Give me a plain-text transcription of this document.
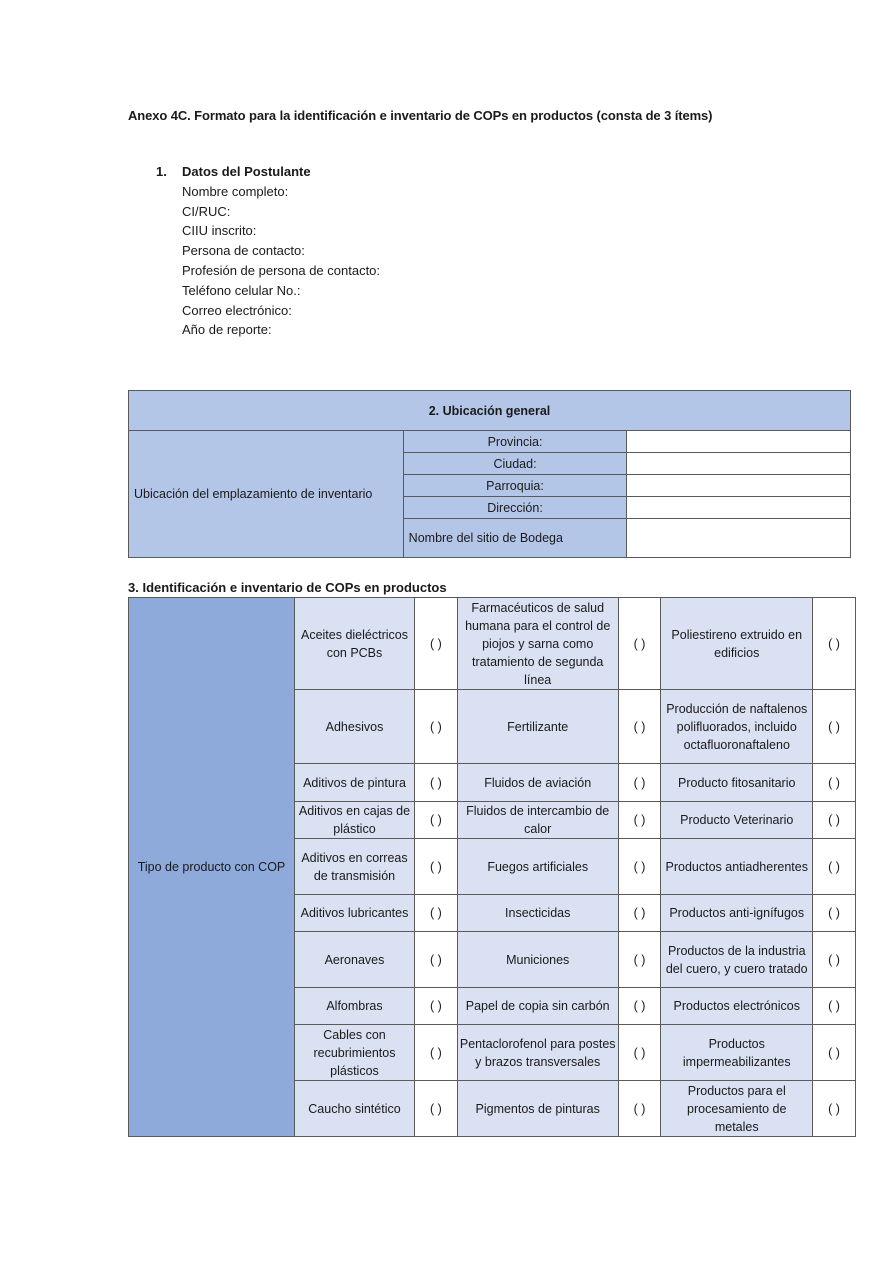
Anexo 4C. Formato para la identificación e inventario de COPs en productos (consta de 3 ítems)
1. Datos del Postulante
Nombre completo:
CI/RUC:
CIIU inscrito:
Persona de contacto:
Profesión de persona de contacto:
Teléfono celular No.:
Correo electrónico:
Año de reporte:
2. Ubicación general		
Ubicación del emplazamiento de inventario	Provincia:	
	Ciudad:	
	Parroquia:	
	Dirección:	
	Nombre del sitio de Bodega	
3. Identificación e inventario de COPs en productos
Tipo de producto con COP	Aceites dieléctricos con PCBs	( )	Farmacéuticos de salud humana para el control de piojos y sarna como tratamiento de segunda línea	( )	Poliestireno extruido en edificios	( )
	Adhesivos	( )	Fertilizante	( )	Producción de naftalenos polifluorados, incluido octafluoronaftaleno	( )
	Aditivos de pintura	( )	Fluidos de aviación	( )	Producto fitosanitario	( )
	Aditivos en cajas de plástico	( )	Fluidos de intercambio de calor	( )	Producto Veterinario	( )
	Aditivos en correas de transmisión	( )	Fuegos artificiales	( )	Productos antiadherentes	( )
	Aditivos lubricantes	( )	Insecticidas	( )	Productos anti-ignífugos	( )
	Aeronaves	( )	Municiones	( )	Productos de la industria del cuero, y cuero tratado	( )
	Alfombras	( )	Papel de copia sin carbón	( )	Productos electrónicos	( )
	Cables con recubrimientos plásticos	( )	Pentaclorofenol para postes y brazos transversales	( )	Productos impermeabilizantes	( )
	Caucho sintético	( )	Pigmentos de pinturas	( )	Productos para el procesamiento de metales	( )
